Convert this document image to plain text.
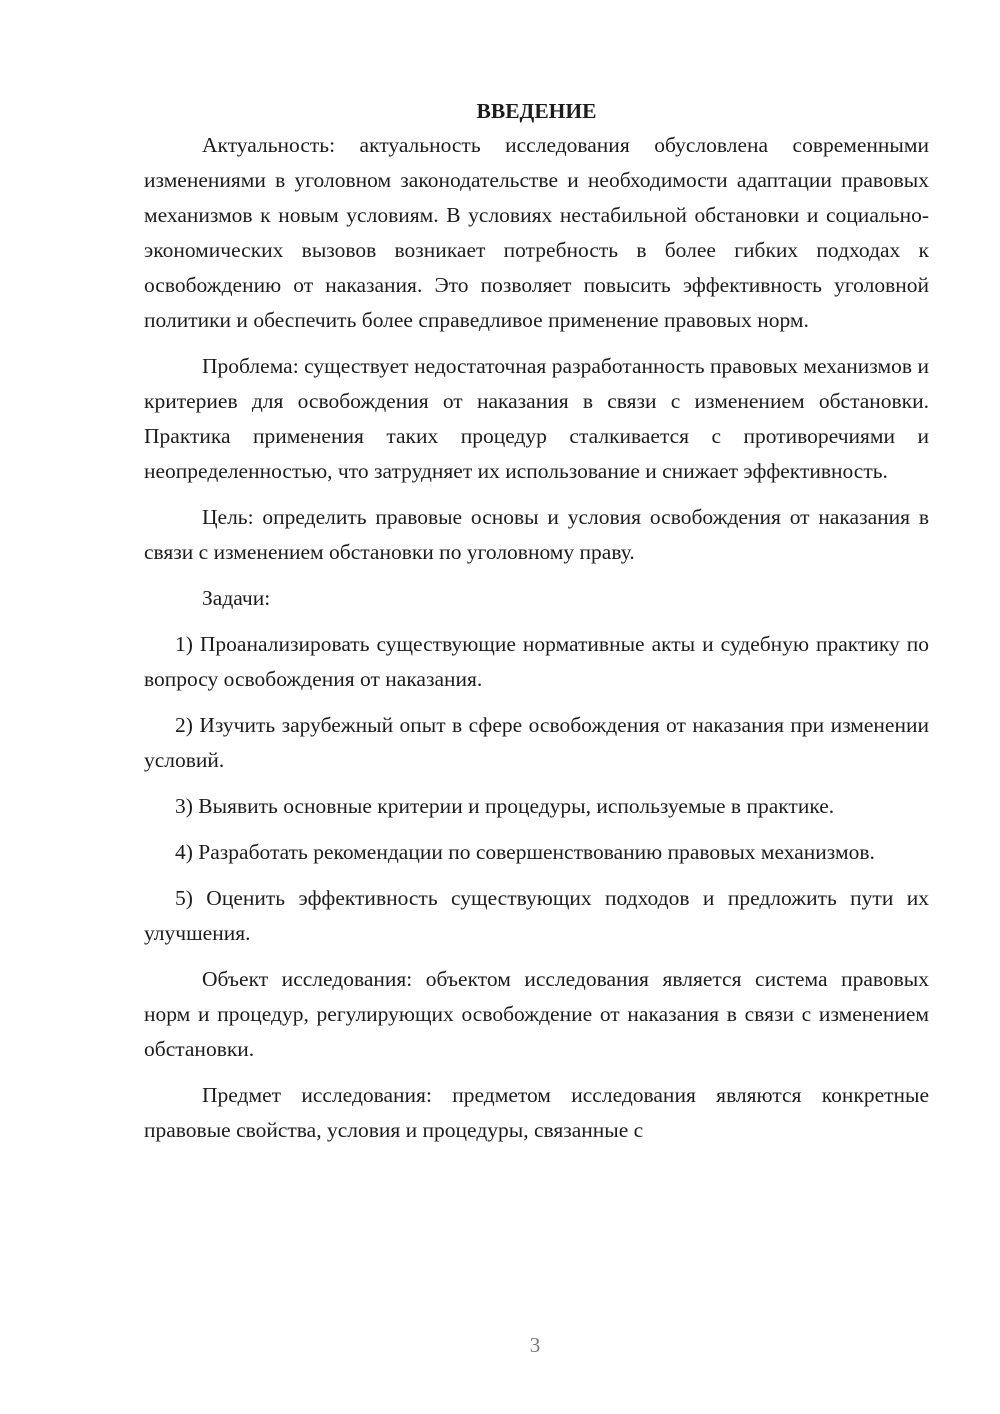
ВВЕДЕНИЕ

Актуальность: актуальность исследования обусловлена современными изменениями в уголовном законодательстве и необходимости адаптации правовых механизмов к новым условиям. В условиях нестабильной обстановки и социально-экономических вызовов возникает потребность в более гибких подходах к освобождению от наказания. Это позволяет повысить эффективность уголовной политики и обеспечить более справедливое применение правовых норм.

Проблема: существует недостаточная разработанность правовых механизмов и критериев для освобождения от наказания в связи с изменением обстановки. Практика применения таких процедур сталкивается с противоречиями и неопределенностью, что затрудняет их использование и снижает эффективность.

Цель: определить правовые основы и условия освобождения от наказания в связи с изменением обстановки по уголовному праву.

Задачи:

1) Проанализировать существующие нормативные акты и судебную практику по вопросу освобождения от наказания.

2) Изучить зарубежный опыт в сфере освобождения от наказания при изменении условий.

3) Выявить основные критерии и процедуры, используемые в практике.

4) Разработать рекомендации по совершенствованию правовых механизмов.

5) Оценить эффективность существующих подходов и предложить пути их улучшения.

Объект исследования: объектом исследования является система правовых норм и процедур, регулирующих освобождение от наказания в связи с изменением обстановки.

Предмет исследования: предметом исследования являются конкретные правовые свойства, условия и процедуры, связанные с

3
